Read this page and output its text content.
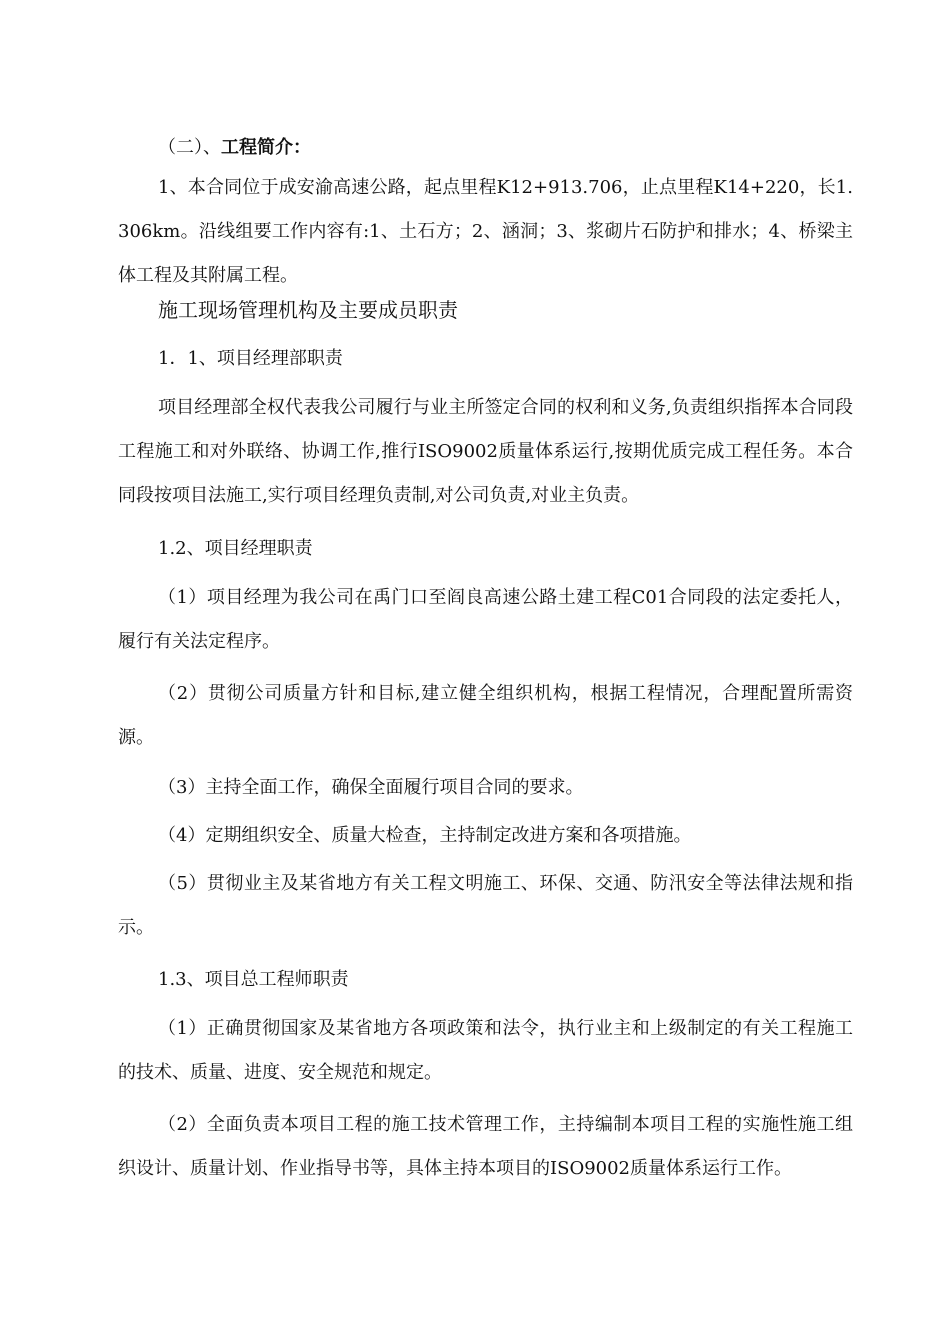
（二）、工程简介：

1、本合同位于成安渝高速公路，起点里程K12+913.706，止点里程K14+220，长1.306km。沿线组要工作内容有:1、土石方；2、涵洞；3、浆砌片石防护和排水；4、桥梁主体工程及其附属工程。

施工现场管理机构及主要成员职责

1．1、项目经理部职责

项目经理部全权代表我公司履行与业主所签定合同的权利和义务,负责组织指挥本合同段工程施工和对外联络、协调工作,推行ISO9002质量体系运行,按期优质完成工程任务。本合同段按项目法施工,实行项目经理负责制,对公司负责,对业主负责。

1.2、项目经理职责

（1）项目经理为我公司在禹门口至阎良高速公路土建工程C01合同段的法定委托人，履行有关法定程序。

（2）贯彻公司质量方针和目标,建立健全组织机构，根据工程情况，合理配置所需资源。

（3）主持全面工作，确保全面履行项目合同的要求。

（4）定期组织安全、质量大检查，主持制定改进方案和各项措施。

（5）贯彻业主及某省地方有关工程文明施工、环保、交通、防汛安全等法律法规和指示。

1.3、项目总工程师职责

（1）正确贯彻国家及某省地方各项政策和法令，执行业主和上级制定的有关工程施工的技术、质量、进度、安全规范和规定。

（2）全面负责本项目工程的施工技术管理工作，主持编制本项目工程的实施性施工组织设计、质量计划、作业指导书等，具体主持本项目的ISO9002质量体系运行工作。
